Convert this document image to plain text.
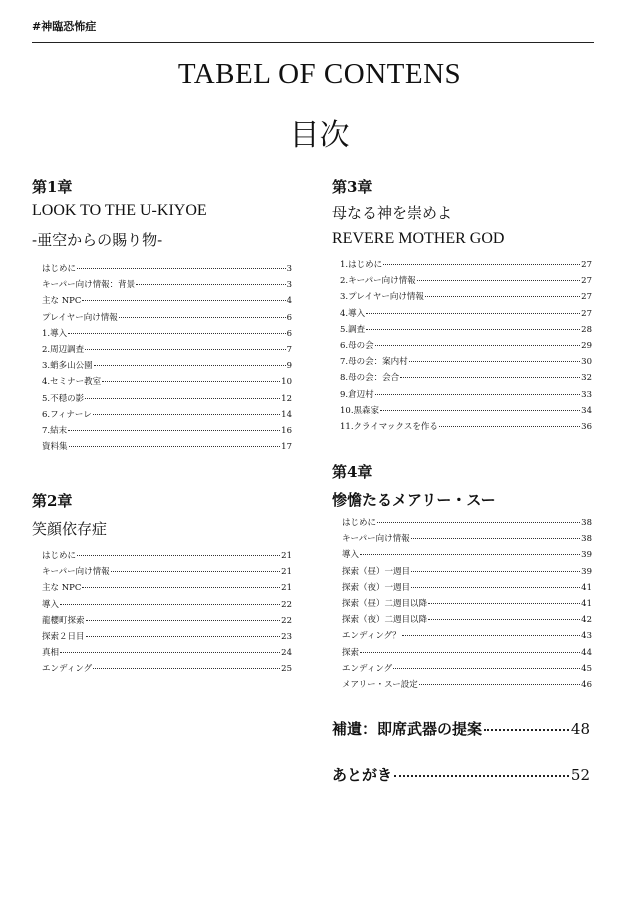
#神臨恐怖症
TABEL OF CONTENS
目次
第1章
LOOK TO THE U-KIYOE
-亜空からの賜り物-
はじめに	3
キーパー向け情報：背景	3
主な NPC	4
プレイヤー向け情報	6
1.導入	6
2.周辺調査	7
3.蛸多山公園	9
4.セミナー教室	10
5.不穏の影	12
6.フィナーレ	14
7.結末	16
資料集	17
第2章
笑顔依存症
はじめに	21
キーパー向け情報	21
主な NPC	21
導入	22
龍櫻町探索	22
探索２日目	23
真相	24
エンディング	25
第3章
母なる神を崇めよ
REVERE MOTHER GOD
1.はじめに	27
2.キーパー向け情報	27
3.プレイヤー向け情報	27
4.導入	27
5.調査	28
6.母の会	29
7.母の会：案内村	30
8.母の会：会合	32
9.倉辺村	33
10.黒森家	34
11.クライマックスを作る	36
第4章
惨憺たるメアリー・スー
はじめに	38
キーパー向け情報	38
導入	39
探索（昼）一週目	39
探索（夜）一週目	41
探索（昼）二週目以降	41
探索（夜）二週目以降	42
エンディング？	43
探索	44
エンディング	45
メアリー・スー設定	46
補遺：即席武器の提案	48
あとがき	52
